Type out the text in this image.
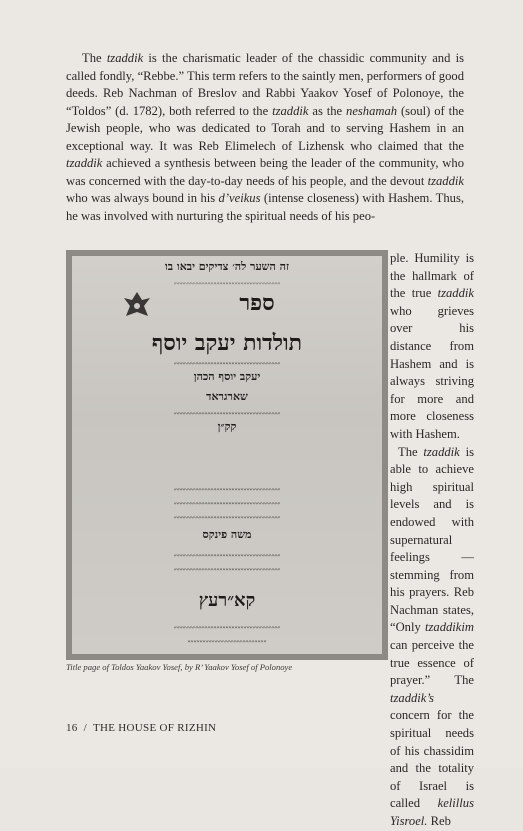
The tzaddik is the charismatic leader of the chassidic community and is called fondly, “Rebbe.” This term refers to the saintly men, performers of good deeds. Reb Nachman of Breslov and Rabbi Yaakov Yosef of Polonoye, the “Toldos” (d. 1782), both referred to the tzaddik as the neshamah (soul) of the Jewish people, who was dedicated to Torah and to serving Hashem in an exceptional way. It was Reb Elimelech of Lizhensk who claimed that the tzaddik achieved a synthesis between being the leader of the community, who was concerned with the day-to-day needs of his people, and the devout tzaddik who was always bound in his d’veikus (intense closeness) with Hashem. Thus, he was involved with nurturing the spiritual needs of his peo-

זה השער לה׳ צדיקים יבאו בו
״״״״״״״״״״״״״״״״״״״״״״״״״״״״״״״״״״״
ספר
תולדות יעקב יוסף
״״״״״״״״״״״״״״״״״״״״״״״״״״״״״״״״״״״
יעקב יוסף הכהן
שארגראד
״״״״״״״״״״״״״״״״״״״״״״״״״״״״״״״״״״״
קק״ן
״״״״״״״״״״״״״״״״״״״״״״״״״״״״״״״״״״״
״״״״״״״״״״״״״״״״״״״״״״״״״״״״״״״״״״״
״״״״״״״״״״״״״״״״״״״״״״״״״״״״״״״״״״״
משה פינקס
״״״״״״״״״״״״״״״״״״״״״״״״״״״״״״״״״״״
״״״״״״״״״״״״״״״״״״״״״״״״״״״״״״״״״״״
קא״רעץ
״״״״״״״״״״״״״״״״״״״״״״״״״״״״״״״״״״״
״״״״״״״״״״״״״״״״״״״״״״״״״״
Title page of Toldos Yaakov Yosef, by R’ Yaakov Yosef of Polonoye

ple. Humility is the hallmark of the true tzaddik who grieves over his distance from Hashem and is always striving for more and more closeness with Hashem.

The tzaddik is able to achieve high spiritual levels and is endowed with supernatural feelings — stemming from his prayers. Reb Nachman states, “Only tzaddikim can perceive the true essence of prayer.” The tzaddik’s concern for the spiritual needs of his chassidim and the totality of Israel is called kelillus Yisroel. Reb

16 / THE HOUSE OF RIZHIN
